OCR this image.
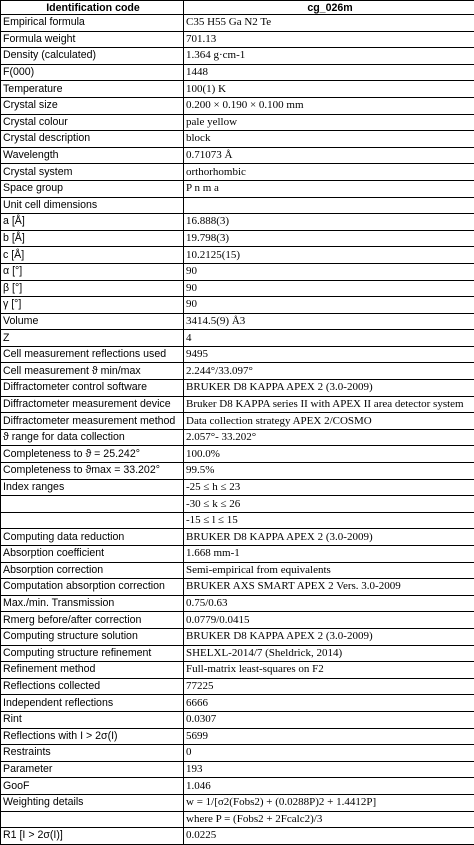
Identification code	cg_026m
Empirical formula	C35 H55 Ga N2 Te
Formula weight	701.13
Density (calculated)	1.364 g·cm-1
F(000)	1448
Temperature	100(1) K
Crystal size	0.200 × 0.190 × 0.100 mm
Crystal colour	pale yellow
Crystal description	block
Wavelength	0.71073 Å
Crystal system	orthorhombic
Space group	P n m a
Unit cell dimensions	
a [Å]	16.888(3)
b [Å]	19.798(3)
c [Å]	10.2125(15)
α [°]	90
β [°]	90
γ [°]	90
Volume	3414.5(9) Å3
Z	4
Cell measurement reflections used	9495
Cell measurement ϑ min/max	2.244°/33.097°
Diffractometer control software	BRUKER D8 KAPPA APEX 2 (3.0-2009)
Diffractometer measurement device	Bruker D8 KAPPA series II with APEX II area detector system
Diffractometer measurement method	Data collection strategy APEX 2/COSMO
ϑ range for data collection	2.057°- 33.202°
Completeness to ϑ = 25.242°	100.0%
Completeness to ϑmax = 33.202°	99.5%
Index ranges	-25 ≤ h ≤ 23
	-30 ≤ k ≤ 26
	-15 ≤ l ≤ 15
Computing data reduction	BRUKER D8 KAPPA APEX 2 (3.0-2009)
Absorption coefficient	1.668 mm-1
Absorption correction	Semi-empirical from equivalents
Computation absorption correction	BRUKER AXS SMART APEX 2 Vers. 3.0-2009
Max./min. Transmission	0.75/0.63
Rmerg before/after correction	0.0779/0.0415
Computing structure solution	BRUKER D8 KAPPA APEX 2 (3.0-2009)
Computing structure refinement	SHELXL-2014/7 (Sheldrick, 2014)
Refinement method	Full-matrix least-squares on F2
Reflections collected	77225
Independent reflections	6666
Rint	0.0307
Reflections with I > 2σ(I)	5699
Restraints	0
Parameter	193
GooF	1.046
Weighting details	w = 1/[σ2(Fobs2) + (0.0288P)2 + 1.4412P]
	where P = (Fobs2 + 2Fcalc2)/3
R1 [I > 2σ(I)]	0.0225
